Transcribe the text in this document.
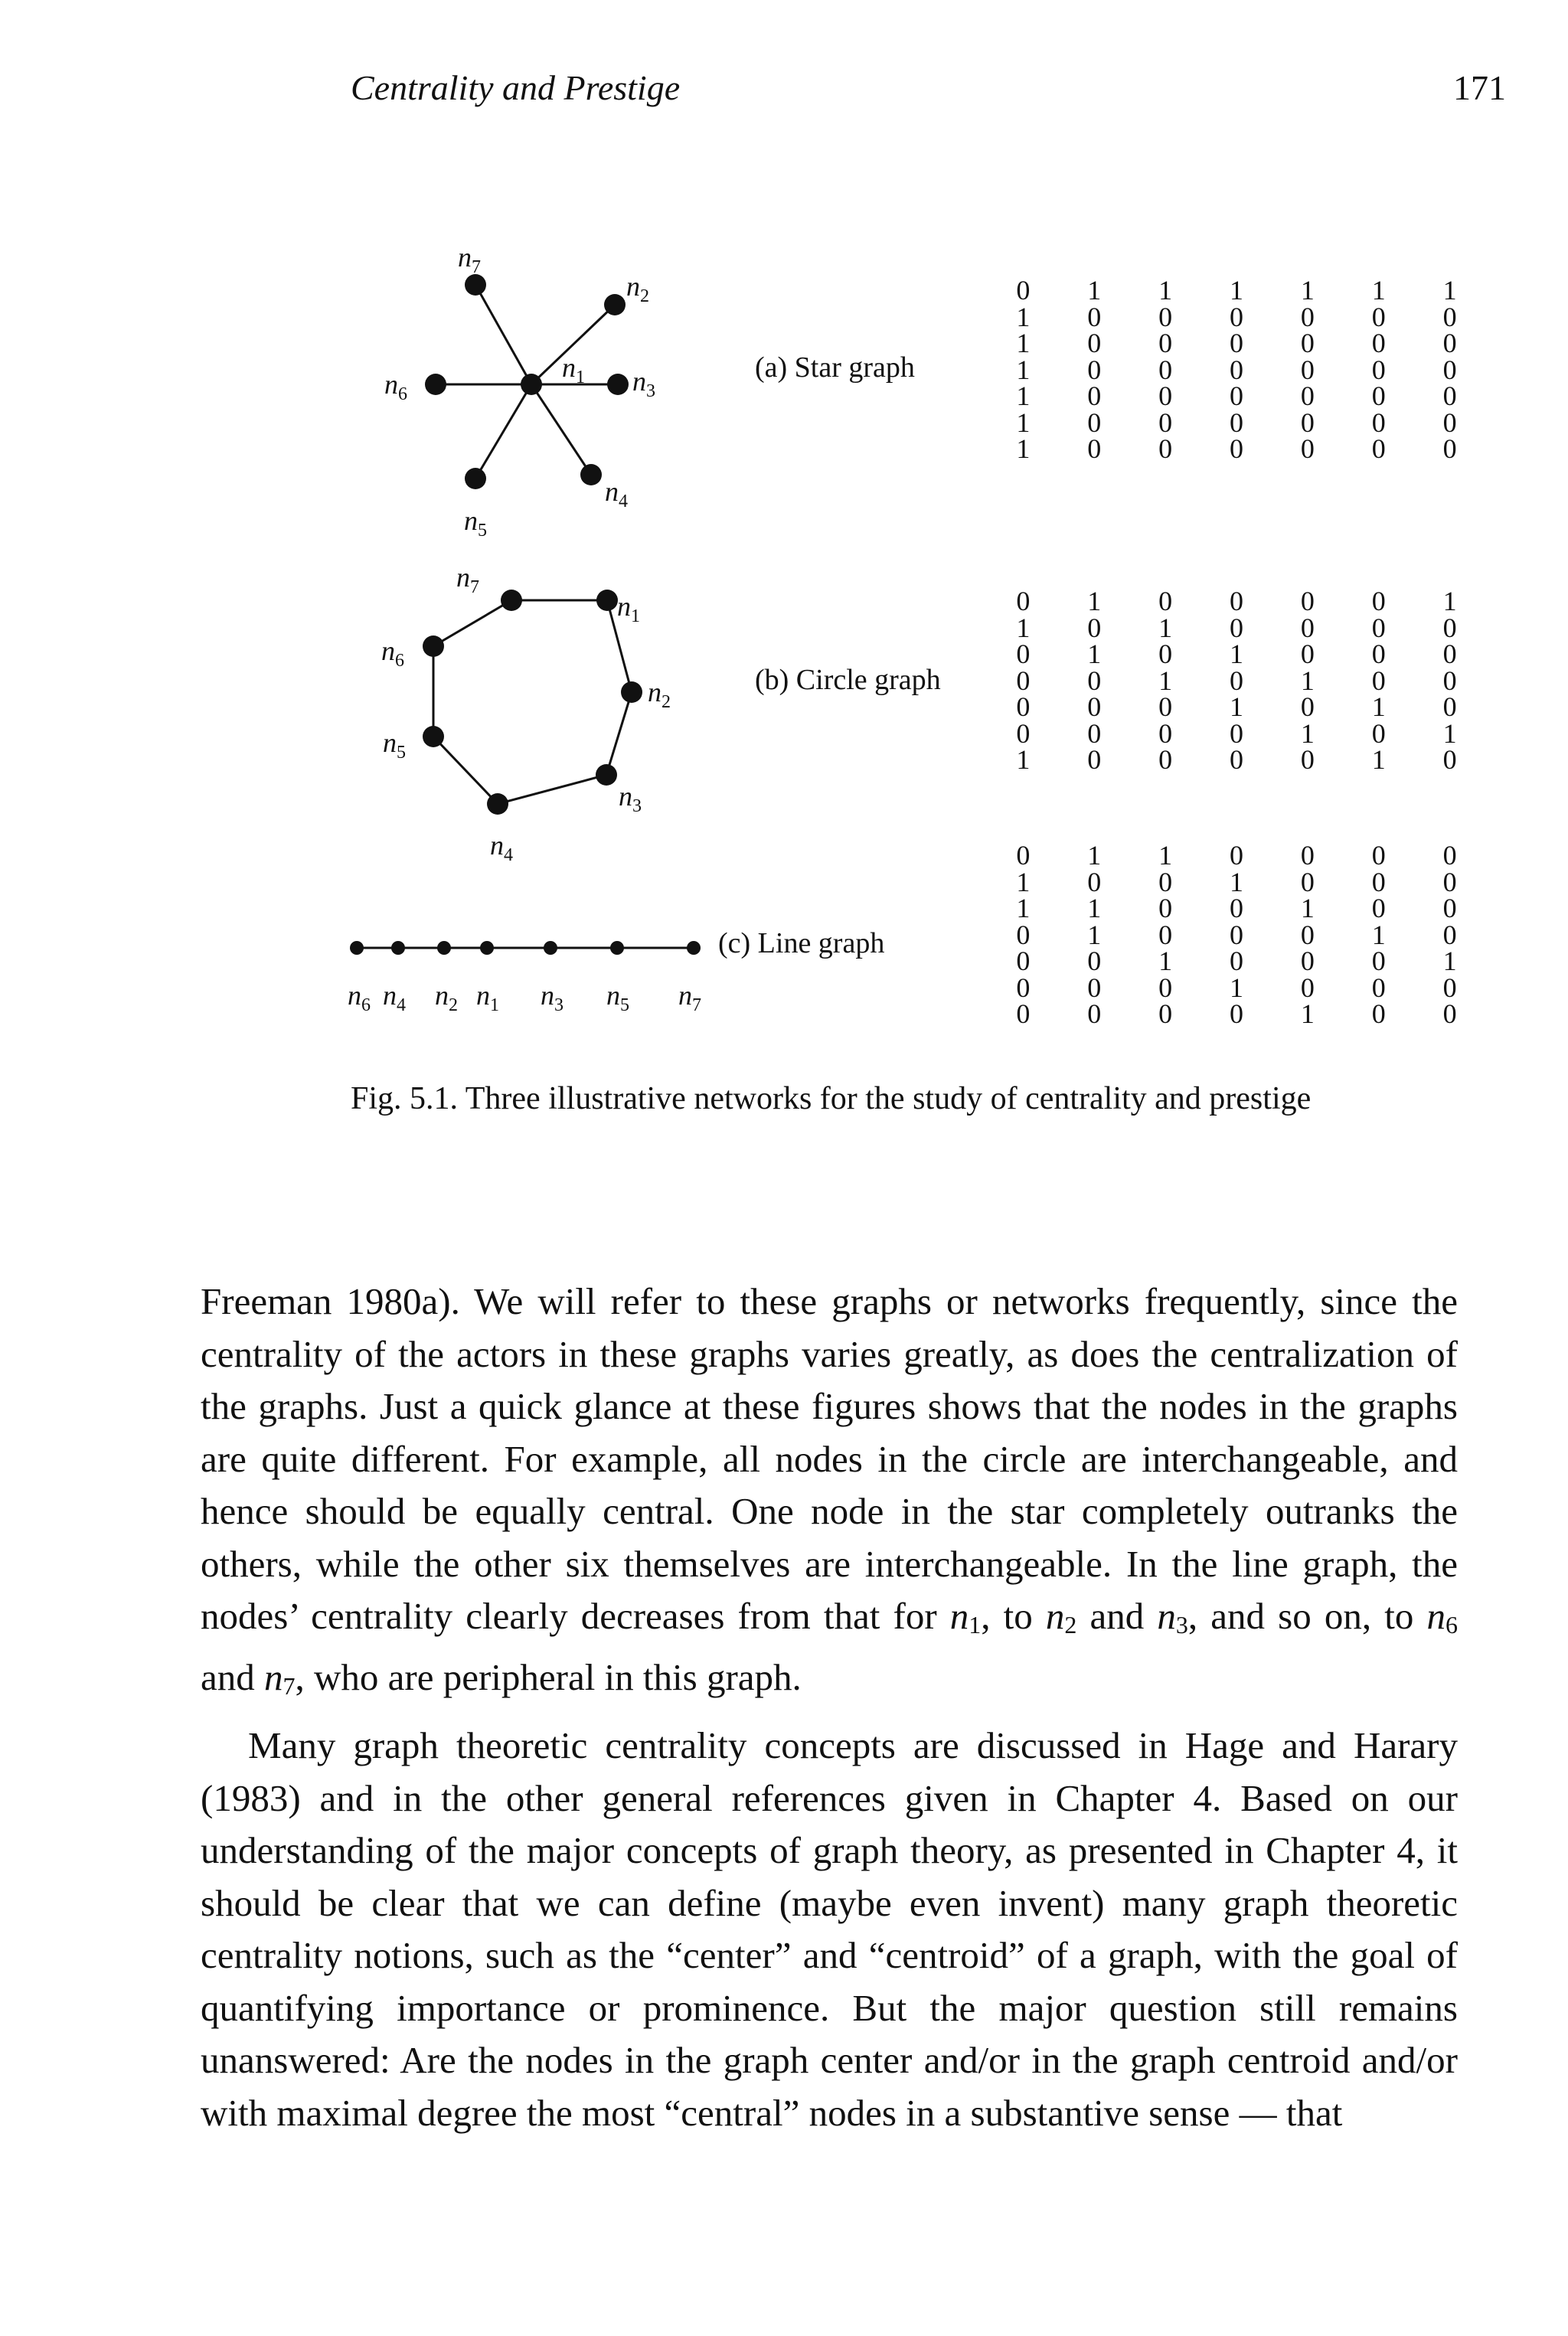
Centrality and Prestige	171
$n_7$
$n_2$
$n_1$ $n_3$
$n_6$
$n_4$
$n_5$
(a) Star graph
0	1	1	1	1	1	1
1	0	0	0	0	0	0
1	0	0	0	0	0	0
1	0	0	0	0	0	0
1	0	0	0	0	0	0
1	0	0	0	0	0	0
1	0	0	0	0	0	0
$n_7$
$n_1$
$n_6$
$n_2$
$n_5$
$n_3$
$n_4$
(b) Circle graph
0	1	0	0	0	0	1
1	0	1	0	0	0	0
0	1	0	1	0	0	0
0	0	1	0	1	0	0
0	0	0	1	0	1	0
0	0	0	0	1	0	1
1	0	0	0	0	1	0
$n_6$ $n_4$ $n_2$ $n_1$ $n_3$ $n_5$ $n_7$
(c) Line graph
0	1	1	0	0	0	0
1	0	0	1	0	0	0
1	1	0	0	1	0	0
0	1	0	0	0	1	0
0	0	1	0	0	0	1
0	0	0	1	0	0	0
0	0	0	0	1	0	0
Fig. 5.1. Three illustrative networks for the study of centrality and prestige

Freeman 1980a). We will refer to these graphs or networks frequently, since the centrality of the actors in these graphs varies greatly, as does the centralization of the graphs. Just a quick glance at these figures shows that the nodes in the graphs are quite different. For example, all nodes in the circle are interchangeable, and hence should be equally central. One node in the star completely outranks the others, while the other six themselves are interchangeable. In the line graph, the nodes’ centrality clearly decreases from that for $n_1$, to $n_2$ and $n_3$, and so on, to $n_6$ and $n_7$, who are peripheral in this graph.

Many graph theoretic centrality concepts are discussed in Hage and Harary (1983) and in the other general references given in Chapter 4. Based on our understanding of the major concepts of graph theory, as presented in Chapter 4, it should be clear that we can define (maybe even invent) many graph theoretic centrality notions, such as the “center” and “centroid” of a graph, with the goal of quantifying importance or prominence. But the major question still remains unanswered: Are the nodes in the graph center and/or in the graph centroid and/or with maximal degree the most “central” nodes in a substantive sense — that
